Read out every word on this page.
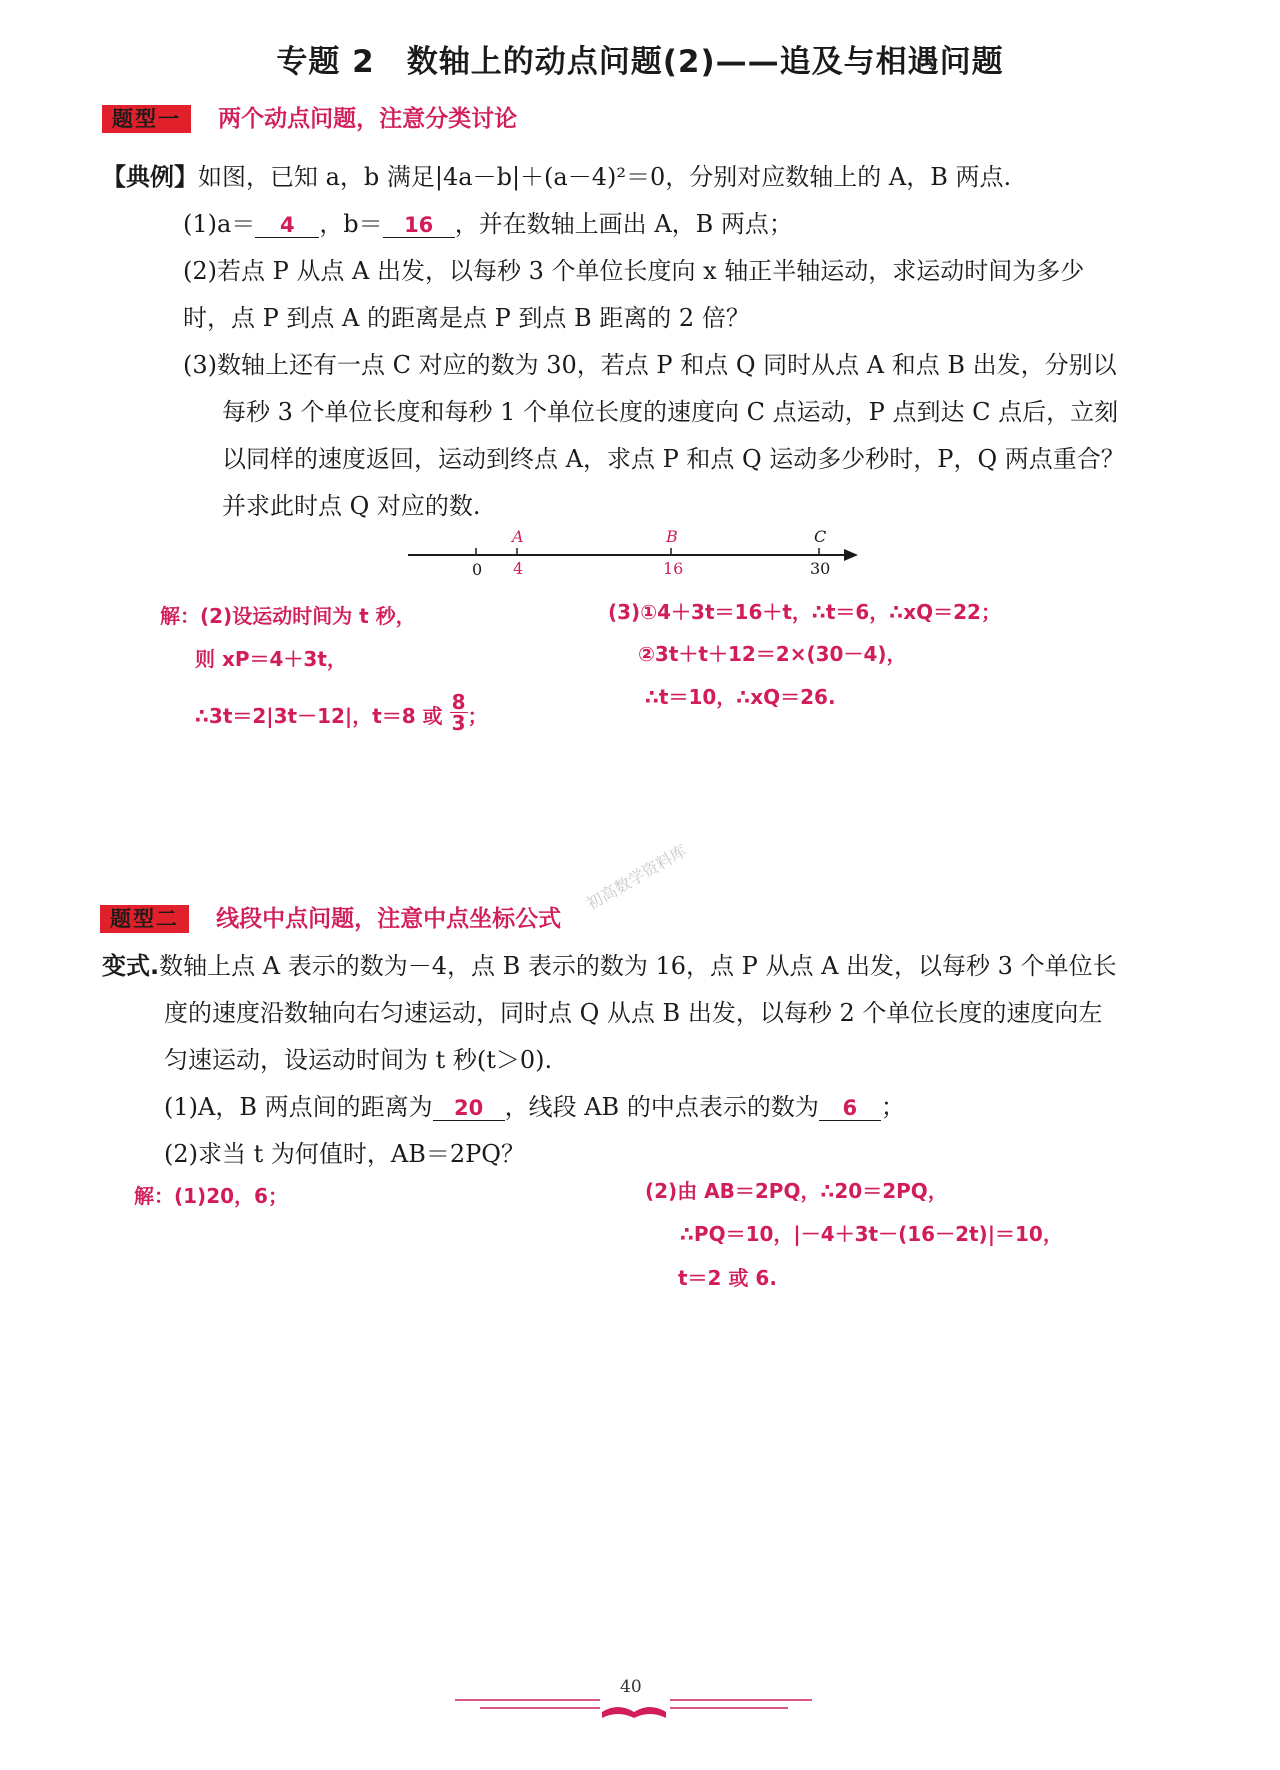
专题 2　数轴上的动点问题(2)——追及与相遇问题
题型一 两个动点问题，注意分类讨论
【典例】如图，已知 a，b 满足|4a－b|＋(a－4)²＝0，分别对应数轴上的 A，B 两点.
(1)a＝ 4 ，b＝ 16 ，并在数轴上画出 A，B 两点；
(2)若点 P 从点 A 出发，以每秒 3 个单位长度向 x 轴正半轴运动，求运动时间为多少
时，点 P 到点 A 的距离是点 P 到点 B 距离的 2 倍？
(3)数轴上还有一点 C 对应的数为 30，若点 P 和点 Q 同时从点 A 和点 B 出发，分别以
每秒 3 个单位长度和每秒 1 个单位长度的速度向 C 点运动，P 点到达 C 点后，立刻
以同样的速度返回，运动到终点 A，求点 P 和点 Q 运动多少秒时，P，Q 两点重合？
并求此时点 Q 对应的数.
0 4	16	30
A	B	C
解：(2)设运动时间为 t 秒，
则 xP＝4＋3t，
∴3t＝2|3t－12|，t＝8 或 $\frac{8}{3}$ ；
(3)①4＋3t＝16＋t，∴t＝6，∴xQ＝22；
②3t＋t＋12＝2×(30－4)，
∴t＝10，∴xQ＝26.
初高数学资料库
题型二 线段中点问题，注意中点坐标公式
变式.数轴上点 A 表示的数为－4，点 B 表示的数为 16，点 P 从点 A 出发，以每秒 3 个单位长
度的速度沿数轴向右匀速运动，同时点 Q 从点 B 出发，以每秒 2 个单位长度的速度向左
匀速运动，设运动时间为 t 秒(t＞0).
(1)A，B 两点间的距离为 20 ，线段 AB 的中点表示的数为 6 ；
(2)求当 t 为何值时，AB＝2PQ？
解：(1)20，6；	(2)由 AB＝2PQ，∴20＝2PQ，
∴PQ＝10，|－4＋3t－(16－2t)|＝10，
t＝2 或 6.
40
